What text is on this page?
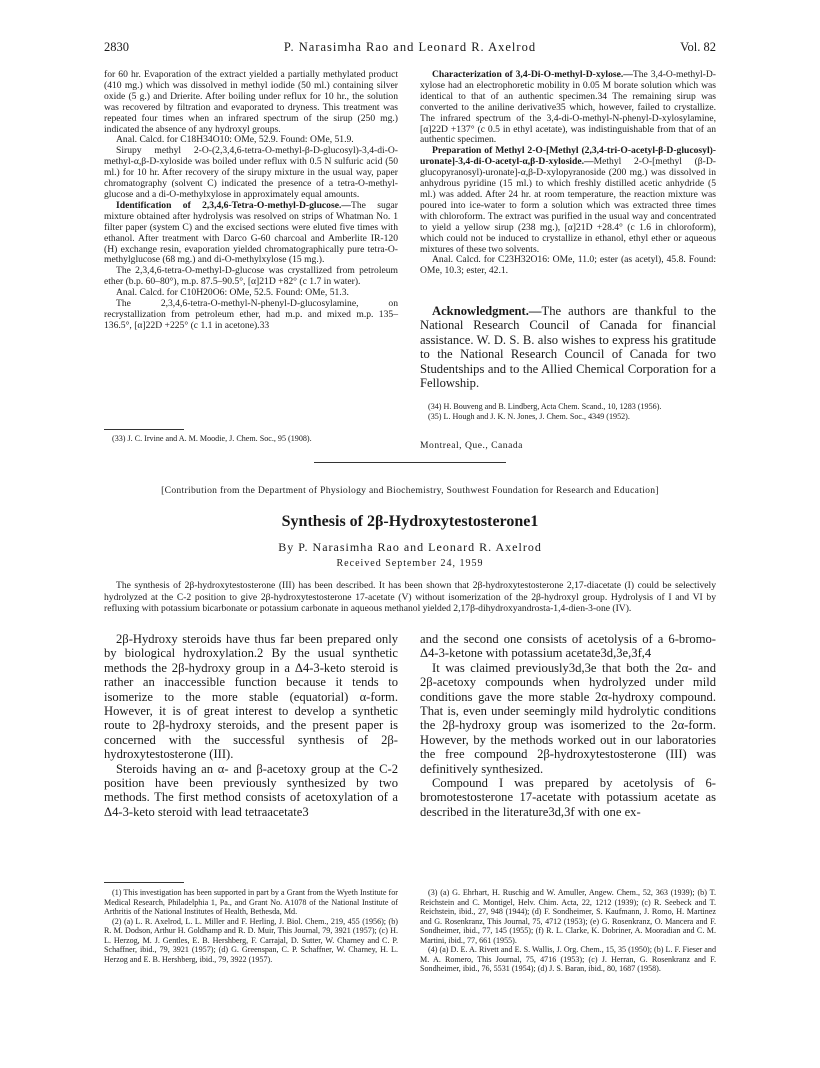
2830	P. Narasimha Rao and Leonard R. Axelrod	Vol. 82

for 60 hr. Evaporation of the extract yielded a partially methylated product (410 mg.) which was dissolved in methyl iodide (50 ml.) containing silver oxide (5 g.) and Drierite. After boiling under reflux for 10 hr., the solution was recovered by filtration and evaporated to dryness. This treatment was repeated four times when an infrared spectrum of the sirup (250 mg.) indicated the absence of any hydroxyl groups.

Anal. Calcd. for C18H34O10: OMe, 52.9. Found: OMe, 51.9.

Sirupy methyl 2-O-(2,3,4,6-tetra-O-methyl-β-D-glucosyl)-3,4-di-O-methyl-α,β-D-xyloside was boiled under reflux with 0.5 N sulfuric acid (50 ml.) for 10 hr. After recovery of the sirupy mixture in the usual way, paper chromatography (solvent C) indicated the presence of a tetra-O-methyl-glucose and a di-O-methylxylose in approximately equal amounts.

Identification of 2,3,4,6-Tetra-O-methyl-D-glucose.—The sugar mixture obtained after hydrolysis was resolved on strips of Whatman No. 1 filter paper (system C) and the excised sections were eluted five times with ethanol. After treatment with Darco G-60 charcoal and Amberlite IR-120 (H) exchange resin, evaporation yielded chromatographically pure tetra-O-methylglucose (68 mg.) and di-O-methylxylose (15 mg.).

The 2,3,4,6-tetra-O-methyl-D-glucose was crystallized from petroleum ether (b.p. 60–80°), m.p. 87.5–90.5°, [α]21D +82° (c 1.7 in water).

Anal. Calcd. for C10H20O6: OMe, 52.5. Found: OMe, 51.3.

The 2,3,4,6-tetra-O-methyl-N-phenyl-D-glucosylamine, on recrystallization from petroleum ether, had m.p. and mixed m.p. 135–136.5°, [α]22D +225° (c 1.1 in acetone).33

(33) J. C. Irvine and A. M. Moodie, J. Chem. Soc., 95 (1908).

Characterization of 3,4-Di-O-methyl-D-xylose.—The 3,4-O-methyl-D-xylose had an electrophoretic mobility in 0.05 M borate solution which was identical to that of an authentic specimen.34 The remaining sirup was converted to the aniline derivative35 which, however, failed to crystallize. The infrared spectrum of the 3,4-di-O-methyl-N-phenyl-D-xylosylamine, [α]22D +137° (c 0.5 in ethyl acetate), was indistinguishable from that of an authentic specimen.

Preparation of Methyl 2-O-[Methyl (2,3,4-tri-O-acetyl-β-D-glucosyl)-uronate]-3,4-di-O-acetyl-α,β-D-xyloside.—Methyl 2-O-[methyl (β-D-glucopyranosyl)-uronate]-α,β-D-xylopyranoside (200 mg.) was dissolved in anhydrous pyridine (15 ml.) to which freshly distilled acetic anhydride (5 ml.) was added. After 24 hr. at room temperature, the reaction mixture was poured into ice-water to form a solution which was extracted three times with chloroform. The extract was purified in the usual way and concentrated to yield a yellow sirup (238 mg.), [α]21D +28.4° (c 1.6 in chloroform), which could not be induced to crystallize in ethanol, ethyl ether or aqueous mixtures of these two solvents.

Anal. Calcd. for C23H32O16: OMe, 11.0; ester (as acetyl), 45.8. Found: OMe, 10.3; ester, 42.1.

Acknowledgment.—The authors are thankful to the National Research Council of Canada for financial assistance. W. D. S. B. also wishes to express his gratitude to the National Research Council of Canada for two Studentships and to the Allied Chemical Corporation for a Fellowship.

(34) H. Bouveng and B. Lindberg, Acta Chem. Scand., 10, 1283 (1956).

(35) L. Hough and J. K. N. Jones, J. Chem. Soc., 4349 (1952).

Montreal, Que., Canada
[Contribution from the Department of Physiology and Biochemistry, Southwest Foundation for Research and Education]
Synthesis of 2β-Hydroxytestosterone1
By P. Narasimha Rao and Leonard R. Axelrod
Received September 24, 1959
The synthesis of 2β-hydroxytestosterone (III) has been described. It has been shown that 2β-hydroxytestosterone 2,17-diacetate (I) could be selectively hydrolyzed at the C-2 position to give 2β-hydroxytestosterone 17-acetate (V) without isomerization of the 2β-hydroxyl group. Hydrolysis of I and VI by refluxing with potassium bicarbonate or potassium carbonate in aqueous methanol yielded 2,17β-dihydroxyandrosta-1,4-dien-3-one (IV).

2β-Hydroxy steroids have thus far been prepared only by biological hydroxylation.2 By the usual synthetic methods the 2β-hydroxy group in a Δ4-3-keto steroid is rather an inaccessible function because it tends to isomerize to the more stable (equatorial) α-form. However, it is of great interest to develop a synthetic route to 2β-hydroxy steroids, and the present paper is concerned with the successful synthesis of 2β-hydroxytestosterone (III).

Steroids having an α- and β-acetoxy group at the C-2 position have been previously synthesized by two methods. The first method consists of acetoxylation of a Δ4-3-keto steroid with lead tetraacetate3

and the second one consists of acetolysis of a 6-bromo-Δ4-3-ketone with potassium acetate3d,3e,3f,4

It was claimed previously3d,3e that both the 2α- and 2β-acetoxy compounds when hydrolyzed under mild conditions gave the more stable 2α-hydroxy compound. That is, even under seemingly mild hydrolytic conditions the 2β-hydroxy group was isomerized to the 2α-form. However, by the methods worked out in our laboratories the free compound 2β-hydroxytestosterone (III) was definitively synthesized.

Compound I was prepared by acetolysis of 6-bromotestosterone 17-acetate with potassium acetate as described in the literature3d,3f with one ex-

(1) This investigation has been supported in part by a Grant from the Wyeth Institute for Medical Research, Philadelphia 1, Pa., and Grant No. A1078 of the National Institute of Arthritis of the National Institutes of Health, Bethesda, Md.

(2) (a) L. R. Axelrod, L. L. Miller and F. Herling, J. Biol. Chem., 219, 455 (1956); (b) R. M. Dodson, Arthur H. Goldhamp and R. D. Muir, This Journal, 79, 3921 (1957); (c) H. L. Herzog, M. J. Gentles, E. B. Hershberg, F. Carrajal, D. Sutter, W. Charney and C. P. Schaffner, ibid., 79, 3921 (1957); (d) G. Greenspan, C. P. Schaffner, W. Charney, H. L. Herzog and E. B. Hershberg, ibid., 79, 3922 (1957).

(3) (a) G. Ehrhart, H. Ruschig and W. Amuller, Angew. Chem., 52, 363 (1939); (b) T. Reichstein and C. Montigel, Helv. Chim. Acta, 22, 1212 (1939); (c) R. Seebeck and T. Reichstein, ibid., 27, 948 (1944); (d) F. Sondheimer, S. Kaufmann, J. Romo, H. Martinez and G. Rosenkranz, This Journal, 75, 4712 (1953); (e) G. Rosenkranz, O. Mancera and F. Sondheimer, ibid., 77, 145 (1955); (f) R. L. Clarke, K. Dobriner, A. Mooradian and C. M. Martini, ibid., 77, 661 (1955).

(4) (a) D. E. A. Rivett and E. S. Wallis, J. Org. Chem., 15, 35 (1950); (b) L. F. Fieser and M. A. Romero, This Journal, 75, 4716 (1953); (c) J. Herran, G. Rosenkranz and F. Sondheimer, ibid., 76, 5531 (1954); (d) J. S. Baran, ibid., 80, 1687 (1958).
